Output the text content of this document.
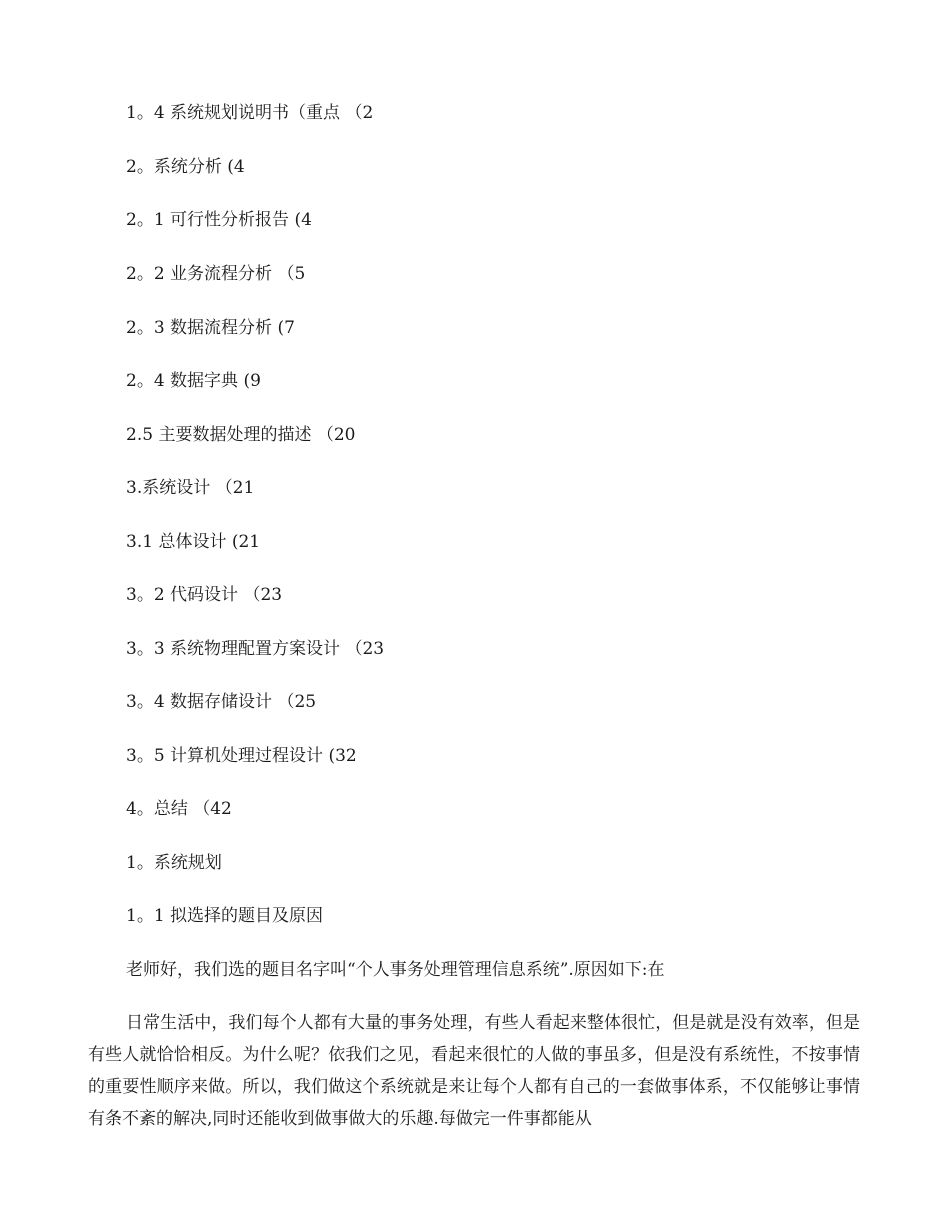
1。4 系统规划说明书（重点 （2
2。系统分析 (4
2。1 可行性分析报告 (4
2。2 业务流程分析 （5
2。3 数据流程分析 (7
2。4 数据字典 (9
2.5 主要数据处理的描述 （20
3.系统设计 （21
3.1 总体设计 (21
3。2 代码设计 （23
3。3 系统物理配置方案设计 （23
3。4 数据存储设计 （25
3。5 计算机处理过程设计 (32
4。总结 （42
1。系统规划
1。1 拟选择的题目及原因
老师好，我们选的题目名字叫“个人事务处理管理信息系统”.原因如下:在

日常生活中，我们每个人都有大量的事务处理，有些人看起来整体很忙，但是就是没有效率，但是有些人就恰恰相反。为什么呢？依我们之见，看起来很忙的人做的事虽多，但是没有系统性，不按事情的重要性顺序来做。所以，我们做这个系统就是来让每个人都有自己的一套做事体系，不仅能够让事情有条不紊的解决,同时还能收到做事做大的乐趣.每做完一件事都能从
